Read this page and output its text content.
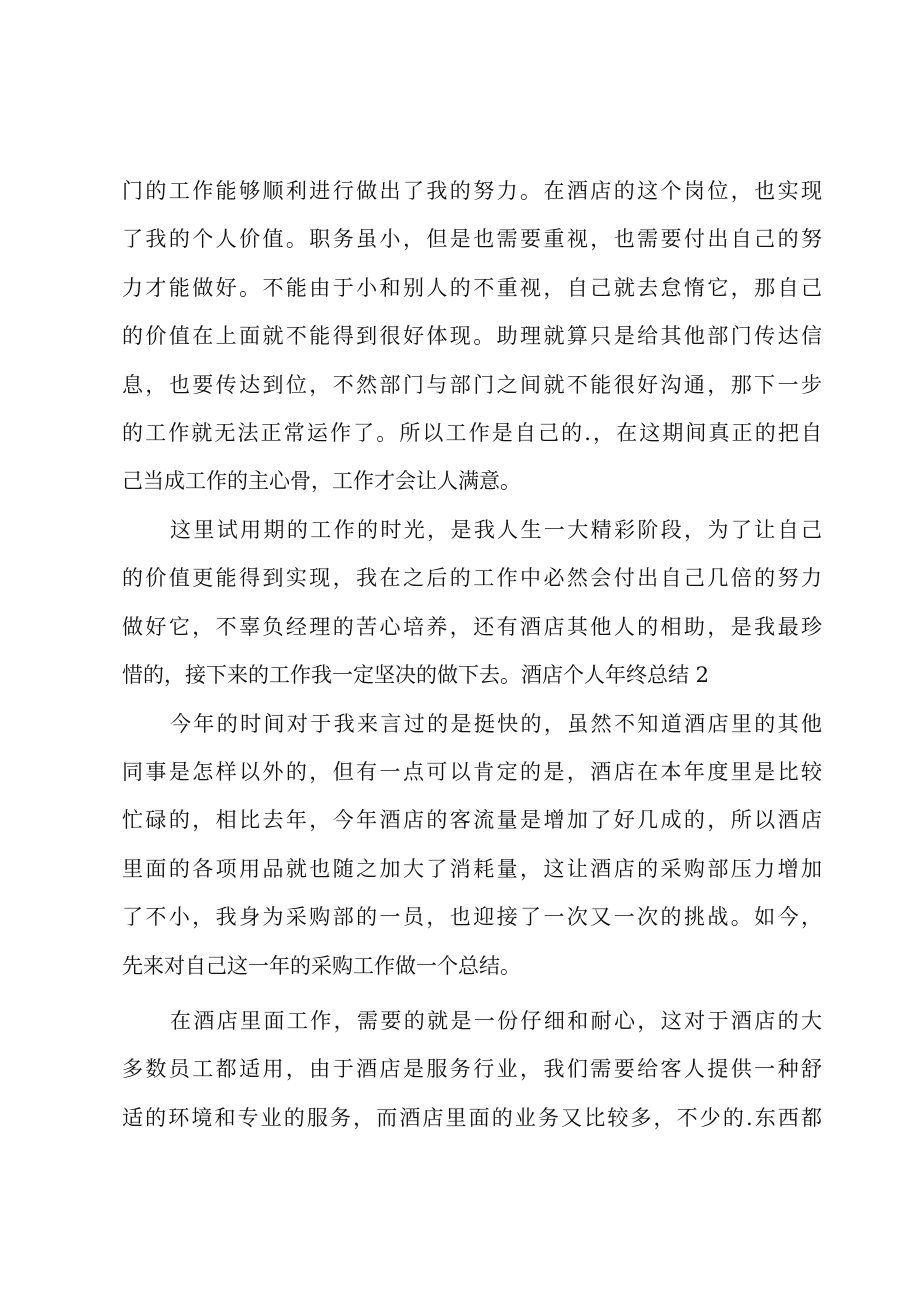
门的工作能够顺利进行做出了我的努力。在酒店的这个岗位，也实现
了我的个人价值。职务虽小，但是也需要重视，也需要付出自己的努
力才能做好。不能由于小和别人的不重视，自己就去怠惰它，那自己
的价值在上面就不能得到很好体现。助理就算只是给其他部门传达信
息，也要传达到位，不然部门与部门之间就不能很好沟通，那下一步
的工作就无法正常运作了。所以工作是自己的.，在这期间真正的把自
己当成工作的主心骨，工作才会让人满意。
这里试用期的工作的时光，是我人生一大精彩阶段，为了让自己
的价值更能得到实现，我在之后的工作中必然会付出自己几倍的努力
做好它，不辜负经理的苦心培养，还有酒店其他人的相助，是我最珍
惜的，接下来的工作我一定坚决的做下去。酒店个人年终总结 2
今年的时间对于我来言过的是挺快的，虽然不知道酒店里的其他
同事是怎样以外的，但有一点可以肯定的是，酒店在本年度里是比较
忙碌的，相比去年，今年酒店的客流量是增加了好几成的，所以酒店
里面的各项用品就也随之加大了消耗量，这让酒店的采购部压力增加
了不小，我身为采购部的一员，也迎接了一次又一次的挑战。如今，
先来对自己这一年的采购工作做一个总结。
在酒店里面工作，需要的就是一份仔细和耐心，这对于酒店的大
多数员工都适用，由于酒店是服务行业，我们需要给客人提供一种舒
适的环境和专业的服务，而酒店里面的业务又比较多，不少的.东西都
